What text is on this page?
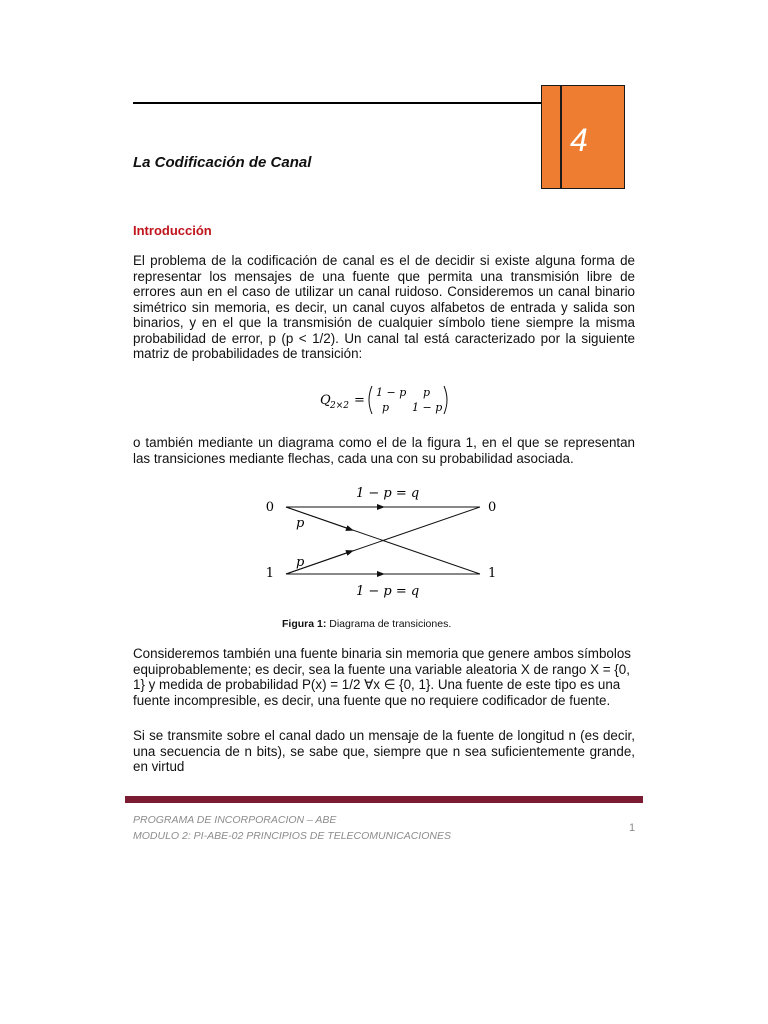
4
La Codificación de Canal
Introducción
El problema de la codificación de canal es el de decidir si existe alguna forma de representar los mensajes de una fuente que permita una transmisión libre de errores aun en el caso de utilizar un canal ruidoso. Consideremos un canal binario simétrico sin memoria, es decir, un canal cuyos alfabetos de entrada y salida son binarios, y en el que la transmisión de cualquier símbolo tiene siempre la misma probabilidad de error, p (p < 1/2). Un canal tal está caracterizado por la siguiente matriz de probabilidades de transición:
Q 2×2 =
1 − p p
p 1 − p
o también mediante un diagrama como el de la figura 1, en el que se representan las transiciones mediante flechas, cada una con su probabilidad asociada.
0
1
0
1
1 − p = q
1 − p = q
p
p
Figura 1: Diagrama de transiciones.
Consideremos también una fuente binaria sin memoria que genere ambos símbolos equiprobablemente; es decir, sea la fuente una variable aleatoria X de rango X = {0, 1} y medida de probabilidad P(x) = 1/2 ∀x ∈ {0, 1}. Una fuente de este tipo es una fuente incompresible, es decir, una fuente que no requiere codificador de fuente.
Si se transmite sobre el canal dado un mensaje de la fuente de longitud n (es decir, una secuencia de n bits), se sabe que, siempre que n sea suficientemente grande, en virtud
PROGRAMA DE INCORPORACION – ABE
MODULO 2: PI-ABE-02 PRINCIPIOS DE TELECOMUNICACIONES
1
